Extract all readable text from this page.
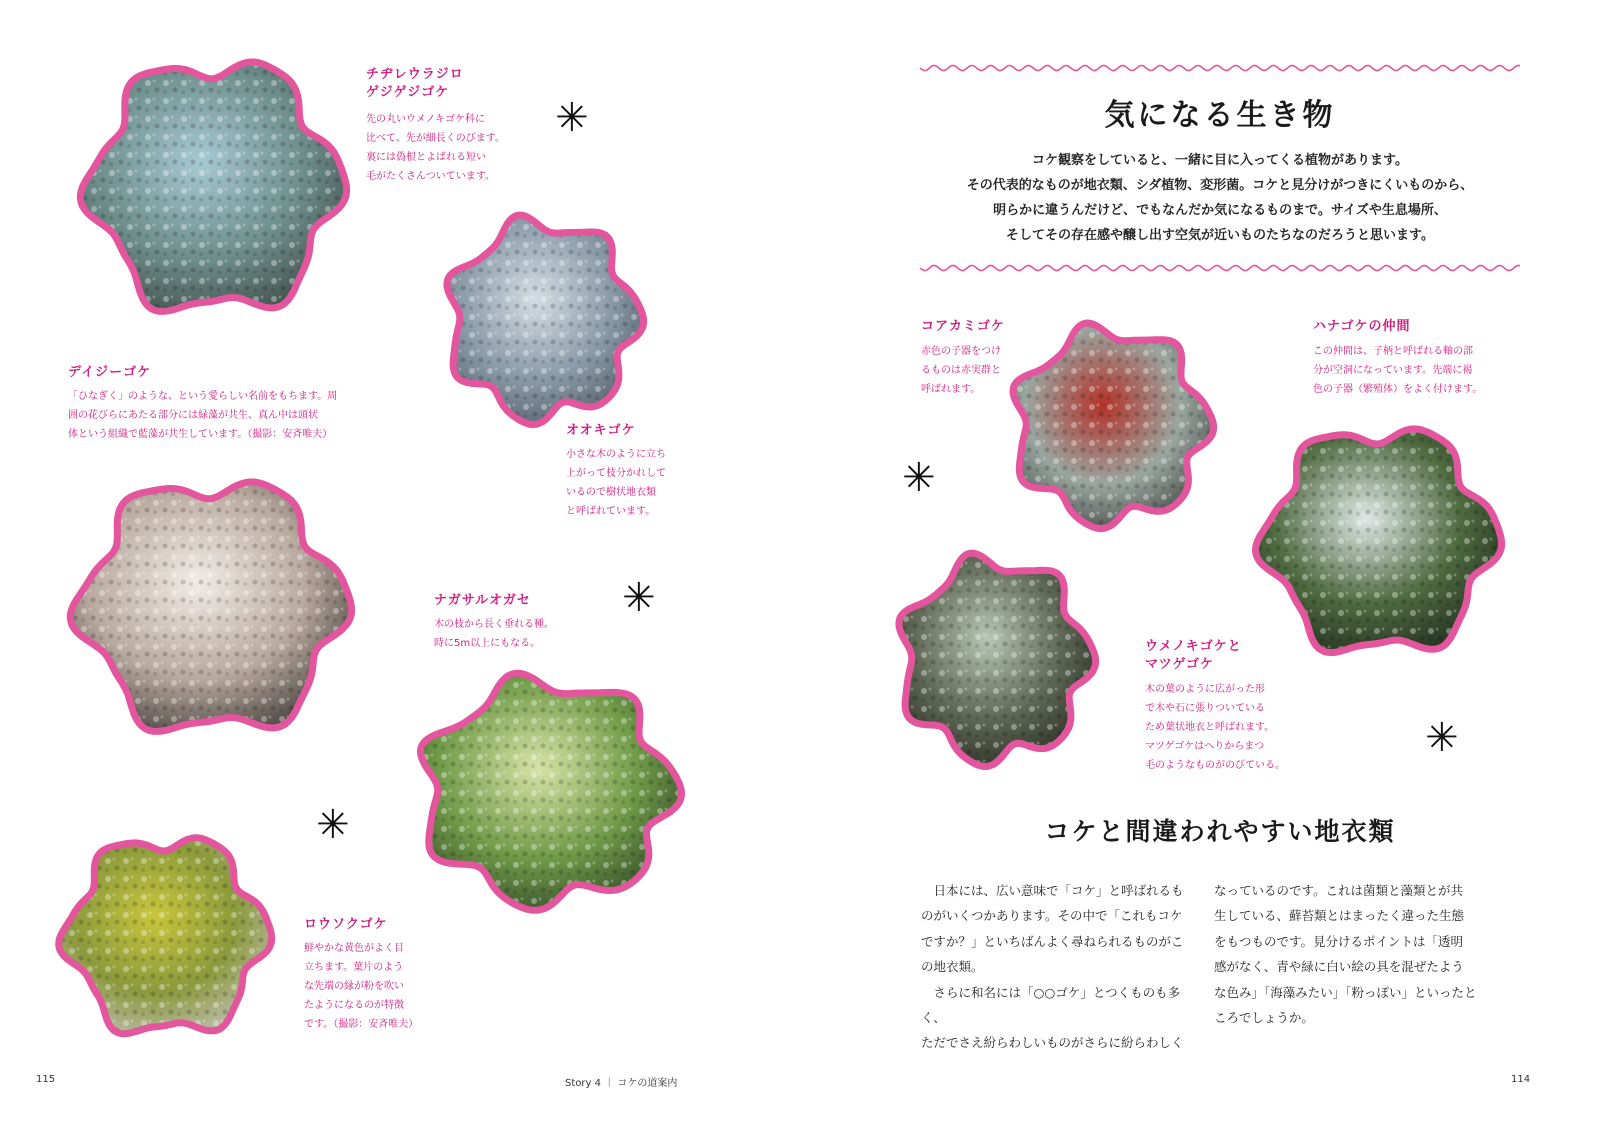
チヂレウラジロ
ゲジゲジゴケ

先の丸いウメノキゴケ科に
比べて、先が細長くのびます。
裏には偽根とよばれる短い
毛がたくさんついています。

✳
デイジーゴケ

「ひなぎく」のような、という愛らしい名前をもちます。周
囲の花びらにあたる部分には緑藻が共生、真ん中は頭状
体という組織で藍藻が共生しています。（撮影：安斉唯夫）	オオキゴケ

小さな木のように立ち
上がって枝分かれして
いるので樹状地衣類
と呼ばれています。

✳
ナガサルオガセ

木の枝から長く垂れる種。
時に5m以上にもなる。

✳
ロウソクゴケ

鮮やかな黄色がよく目
立ちます。葉片のよう
な先端の縁が粉を吹い
たようになるのが特徴
です。（撮影：安斉唯夫）

115	Story 4 ｜ コケの道案内
気になる生き物

コケ観察をしていると、一緒に目に入ってくる植物があります。

その代表的なものが地衣類、シダ植物、変形菌。コケと見分けがつきにくいものから、

明らかに違うんだけど、でもなんだか気になるものまで。サイズや生息場所、

そしてその存在感や醸し出す空気が近いものたちなのだろうと思います。

コアカミゴケ

赤色の子器をつけ
るものは赤実群と
呼ばれます。

ハナゴケの仲間

この仲間は、子柄と呼ばれる軸の部
分が空洞になっています。先端に褐
色の子器（繁殖体）をよく付けます。

✳
ウメノキゴケと
マツゲゴケ

木の葉のように広がった形
で木や石に張りついている
ため葉状地衣と呼ばれます。
マツゲゴケはへりからまつ
毛のようなものがのびている。

✳
コケと間違われやすい地衣類

　日本には、広い意味で「コケ」と呼ばれるも

のがいくつかあります。その中で「これもコケ

ですか？」といちばんよく尋ねられるものがこ

の地衣類。

　さらに和名には「○○ゴケ」とつくものも多く、

ただでさえ紛らわしいものがさらに紛らわしく

なっているのです。これは菌類と藻類とが共

生している、蘚苔類とはまったく違った生態

をもつものです。見分けるポイントは「透明

感がなく、青や緑に白い絵の具を混ぜたよう

な色み」「海藻みたい」「粉っぽい」といったと

ころでしょうか。

114
